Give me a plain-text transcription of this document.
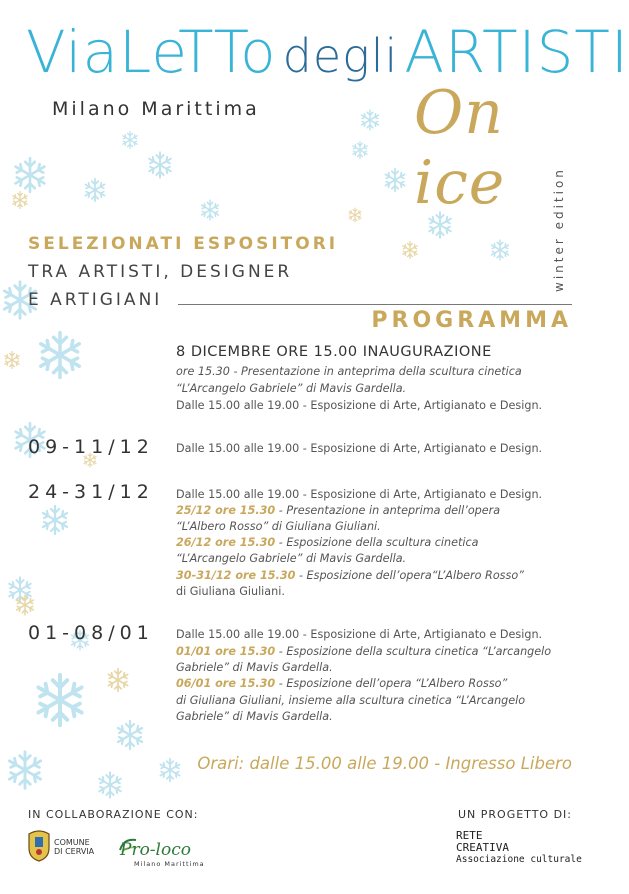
ViaLeTTo degli ARTISTI
Milano Marittima	On ice	winter edition
SELEZIONATI ESPOSITORI
TRA ARTISTI, DESIGNER
E ARTIGIANI
PROGRAMMA
8 DICEMBRE ORE 15.00 INAUGURAZIONE
ore 15.30 - Presentazione in anteprima della scultura cinetica
“L’Arcangelo Gabriele” di Mavis Gardella.
Dalle 15.00 alle 19.00 - Esposizione di Arte, Artigianato e Design.
09-11/12 Dalle 15.00 alle 19.00 - Esposizione di Arte, Artigianato e Design.
24-31/12 Dalle 15.00 alle 19.00 - Esposizione di Arte, Artigianato e Design.
25/12 ore 15.30 - Presentazione in anteprima dell’opera
“L’Albero Rosso” di Giuliana Giuliani.
26/12 ore 15.30 - Esposizione della scultura cinetica
“L’Arcangelo Gabriele” di Mavis Gardella.
30-31/12 ore 15.30 - Esposizione dell’opera“L’Albero Rosso”
di Giuliana Giuliani.
01-08/01 Dalle 15.00 alle 19.00 - Esposizione di Arte, Artigianato e Design.
01/01 ore 15.30 - Esposizione della scultura cinetica “L’arcangelo
Gabriele” di Mavis Gardella.
06/01 ore 15.30 - Esposizione dell’opera “L’Albero Rosso”
di Giuliana Giuliani, insieme alla scultura cinetica “L’Arcangelo
Gabriele” di Mavis Gardella.
Orari: dalle 15.00 alle 19.00 - Ingresso Libero
IN COLLABORAZIONE CON:	UN PROGETTO DI:
COMUNE
DI CERVIA Pro-loco
Milano Marittima
RETE
CREATIVA
Associazione culturale
